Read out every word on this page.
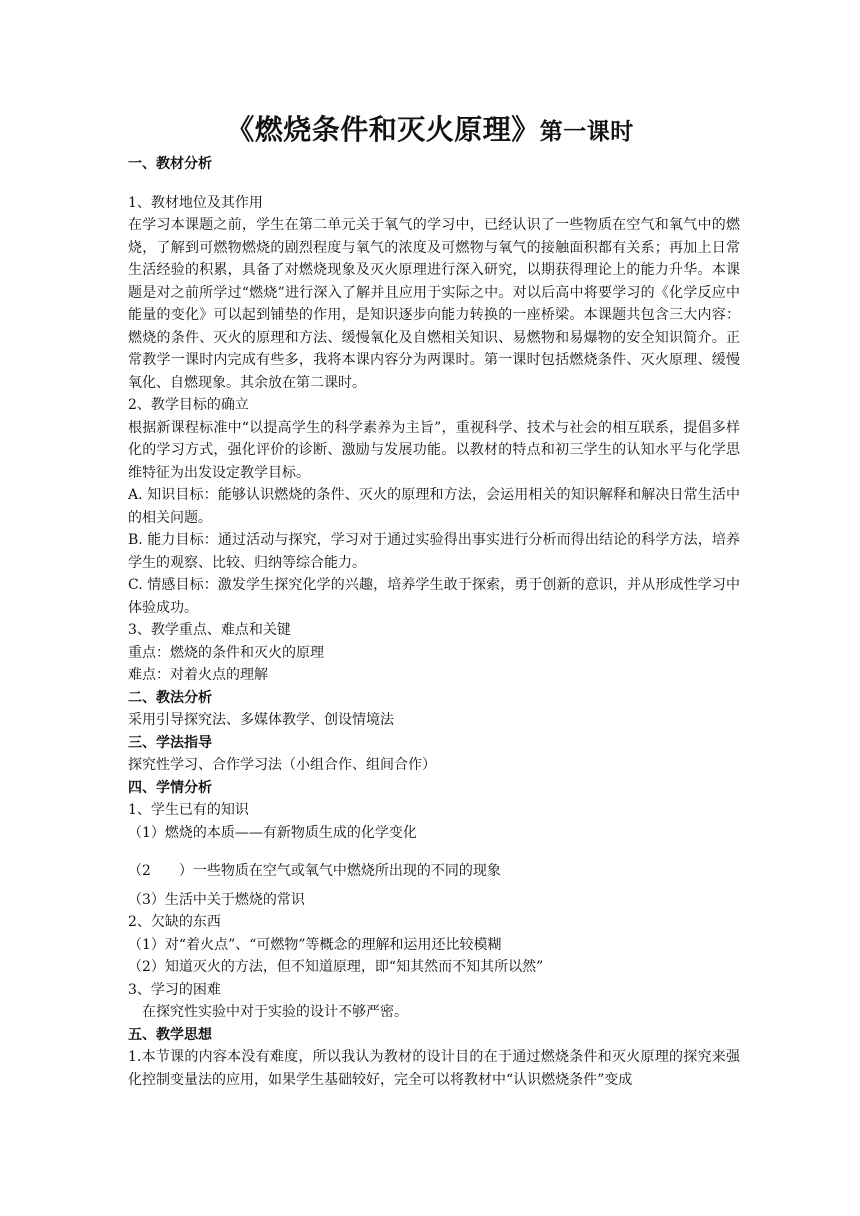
《燃烧条件和灭火原理》第一课时
一、教材分析

1、教材地位及其作用

在学习本课题之前，学生在第二单元关于氧气的学习中，已经认识了一些物质在空气和氧气中的燃烧，了解到可燃物燃烧的剧烈程度与氧气的浓度及可燃物与氧气的接触面积都有关系；再加上日常生活经验的积累，具备了对燃烧现象及灭火原理进行深入研究，以期获得理论上的能力升华。本课题是对之前所学过“燃烧”进行深入了解并且应用于实际之中。对以后高中将要学习的《化学反应中能量的变化》可以起到铺垫的作用，是知识逐步向能力转换的一座桥梁。本课题共包含三大内容：燃烧的条件、灭火的原理和方法、缓慢氧化及自燃相关知识、易燃物和易爆物的安全知识简介。正常教学一课时内完成有些多，我将本课内容分为两课时。第一课时包括燃烧条件、灭火原理、缓慢氧化、自燃现象。其余放在第二课时。

2、教学目标的确立

根据新课程标准中“以提高学生的科学素养为主旨”，重视科学、技术与社会的相互联系，提倡多样化的学习方式，强化评价的诊断、激励与发展功能。以教材的特点和初三学生的认知水平与化学思维特征为出发设定教学目标。

A. 知识目标：能够认识燃烧的条件、灭火的原理和方法，会运用相关的知识解释和解决日常生活中的相关问题。

B. 能力目标：通过活动与探究，学习对于通过实验得出事实进行分析而得出结论的科学方法，培养学生的观察、比较、归纳等综合能力。

C. 情感目标：激发学生探究化学的兴趣，培养学生敢于探索，勇于创新的意识，并从形成性学习中体验成功。

3、教学重点、难点和关键

重点：燃烧的条件和灭火的原理

难点：对着火点的理解

二、教法分析

采用引导探究法、多媒体教学、创设情境法

三、学法指导

探究性学习、合作学习法（小组合作、组间合作）

四、学情分析

1、学生已有的知识

（1）燃烧的本质——有新物质生成的化学变化

（2　　）一些物质在空气或氧气中燃烧所出现的不同的现象

（3）生活中关于燃烧的常识

2、欠缺的东西

（1）对“着火点”、“可燃物”等概念的理解和运用还比较模糊

（2）知道灭火的方法，但不知道原理，即“知其然而不知其所以然”

3、学习的困难

在探究性实验中对于实验的设计不够严密。

五、教学思想

1.本节课的内容本没有难度，所以我认为教材的设计目的在于通过燃烧条件和灭火原理的探究来强化控制变量法的应用，如果学生基础较好，完全可以将教材中“认识燃烧条件”变成
